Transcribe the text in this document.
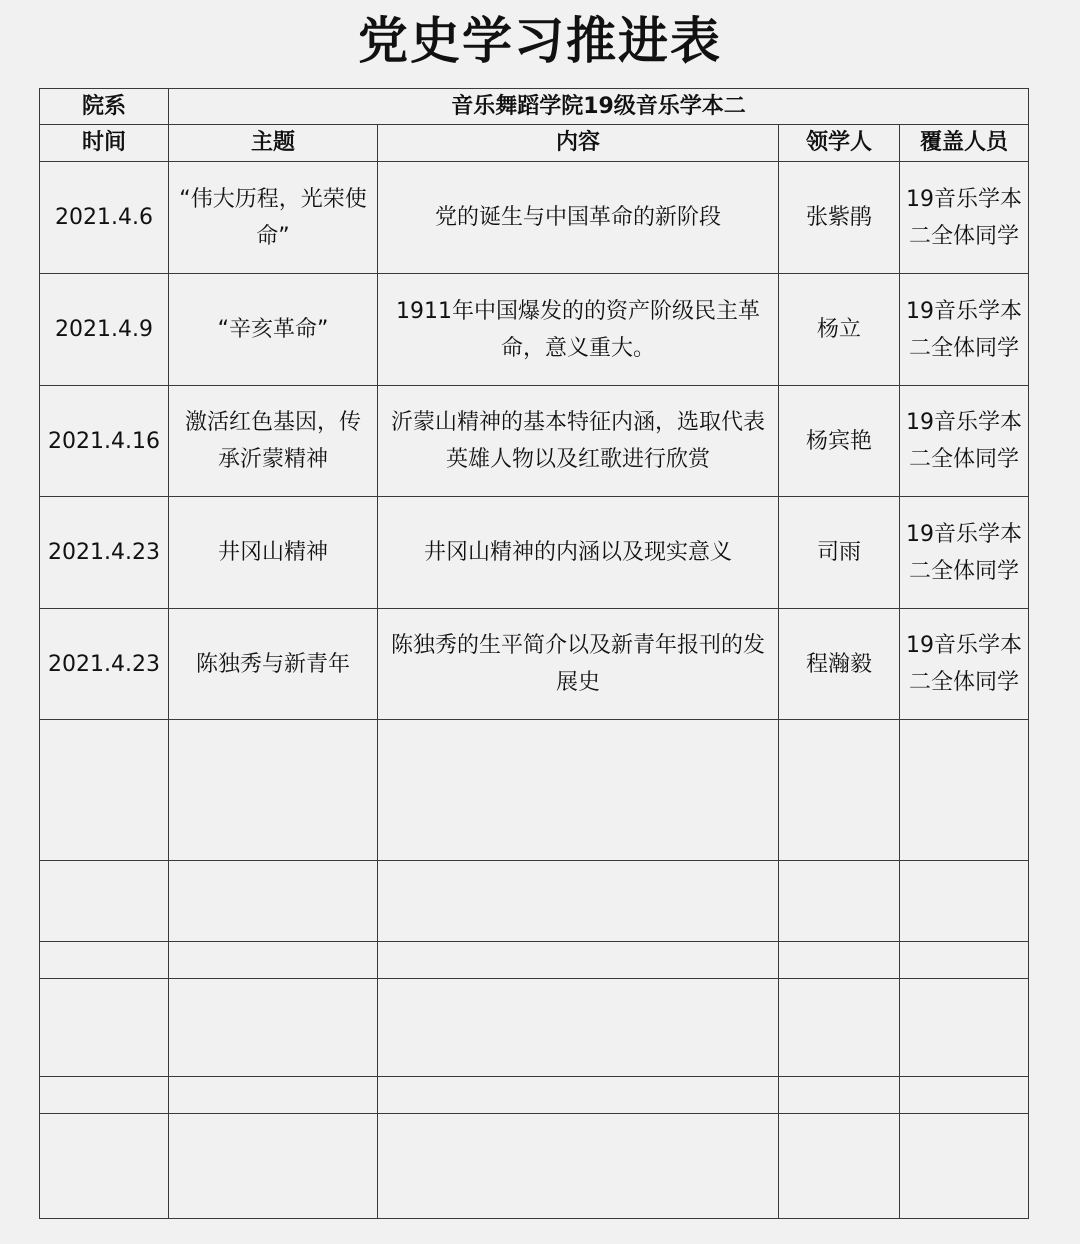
党史学习推进表
院系	音乐舞蹈学院19级音乐学本二			
时间	主题	内容	领学人	覆盖人员
2021.4.6	“伟大历程，光荣使命”	党的诞生与中国革命的新阶段	张紫鹃	19音乐学本二全体同学
2021.4.9	“辛亥革命”	1911年中国爆发的的资产阶级民主革命，意义重大。	杨立	19音乐学本二全体同学
2021.4.16	激活红色基因，传承沂蒙精神	沂蒙山精神的基本特征内涵，选取代表英雄人物以及红歌进行欣赏	杨宾艳	19音乐学本二全体同学
2021.4.23	井冈山精神	井冈山精神的内涵以及现实意义	司雨	19音乐学本二全体同学
2021.4.23	陈独秀与新青年	陈独秀的生平简介以及新青年报刊的发展史	程瀚毅	19音乐学本二全体同学
